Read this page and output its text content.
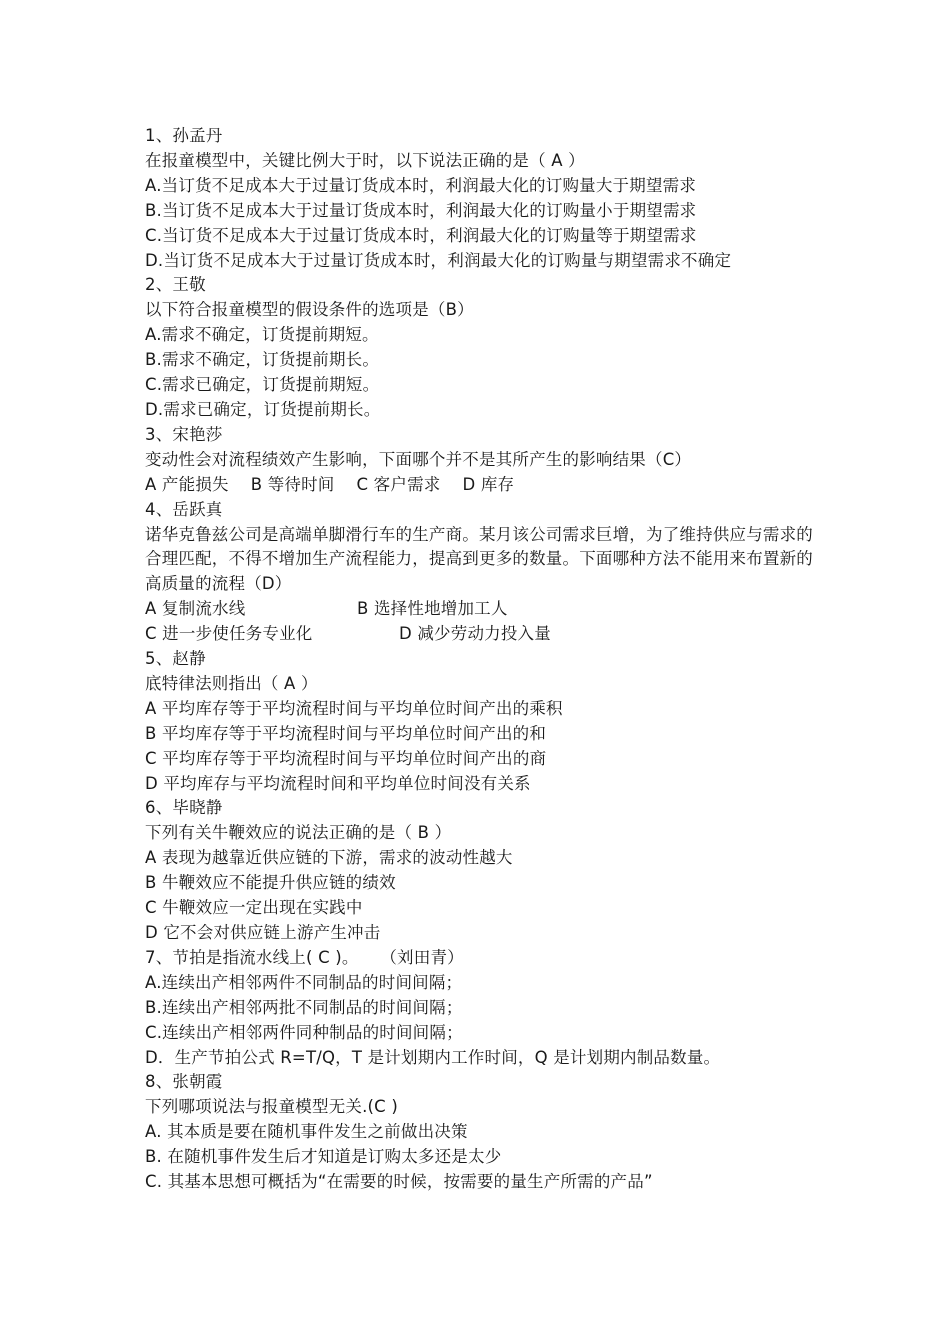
1、孙孟丹
在报童模型中，关键比例大于时，以下说法正确的是（ A ）
A.当订货不足成本大于过量订货成本时，利润最大化的订购量大于期望需求
B.当订货不足成本大于过量订货成本时，利润最大化的订购量小于期望需求
C.当订货不足成本大于过量订货成本时，利润最大化的订购量等于期望需求
D.当订货不足成本大于过量订货成本时，利润最大化的订购量与期望需求不确定
2、王敬
以下符合报童模型的假设条件的选项是（B）
A.需求不确定，订货提前期短。
B.需求不确定，订货提前期长。
C.需求已确定，订货提前期短。
D.需求已确定，订货提前期长。
3、宋艳莎
变动性会对流程绩效产生影响，下面哪个并不是其所产生的影响结果（C）
A 产能损失 B 等待时间 C 客户需求 D 库存
4、岳跃真
诺华克鲁兹公司是高端单脚滑行车的生产商。某月该公司需求巨增，为了维持供应与需求的合理匹配，不得不增加生产流程能力，提高到更多的数量。下面哪种方法不能用来布置新的高质量的流程（D）
A 复制流水线	B 选择性地增加工人
C 进一步使任务专业化	D 减少劳动力投入量
5、赵静
底特律法则指出（ A ）
A 平均库存等于平均流程时间与平均单位时间产出的乘积
B 平均库存等于平均流程时间与平均单位时间产出的和
C 平均库存等于平均流程时间与平均单位时间产出的商
D 平均库存与平均流程时间和平均单位时间没有关系
6、毕晓静
下列有关牛鞭效应的说法正确的是（ B ）
A 表现为越靠近供应链的下游，需求的波动性越大
B 牛鞭效应不能提升供应链的绩效
C 牛鞭效应一定出现在实践中
D 它不会对供应链上游产生冲击
7、节拍是指流水线上( C )。    （刘田青）
A.连续出产相邻两件不同制品的时间间隔；
B.连续出产相邻两批不同制品的时间间隔；
C.连续出产相邻两件同种制品的时间间隔；
D．生产节拍公式 R=T/Q，T 是计划期内工作时间，Q 是计划期内制品数量。
8、张朝霞
下列哪项说法与报童模型无关.(C )
A. 其本质是要在随机事件发生之前做出决策
B. 在随机事件发生后才知道是订购太多还是太少
C. 其基本思想可概括为“在需要的时候，按需要的量生产所需的产品”
